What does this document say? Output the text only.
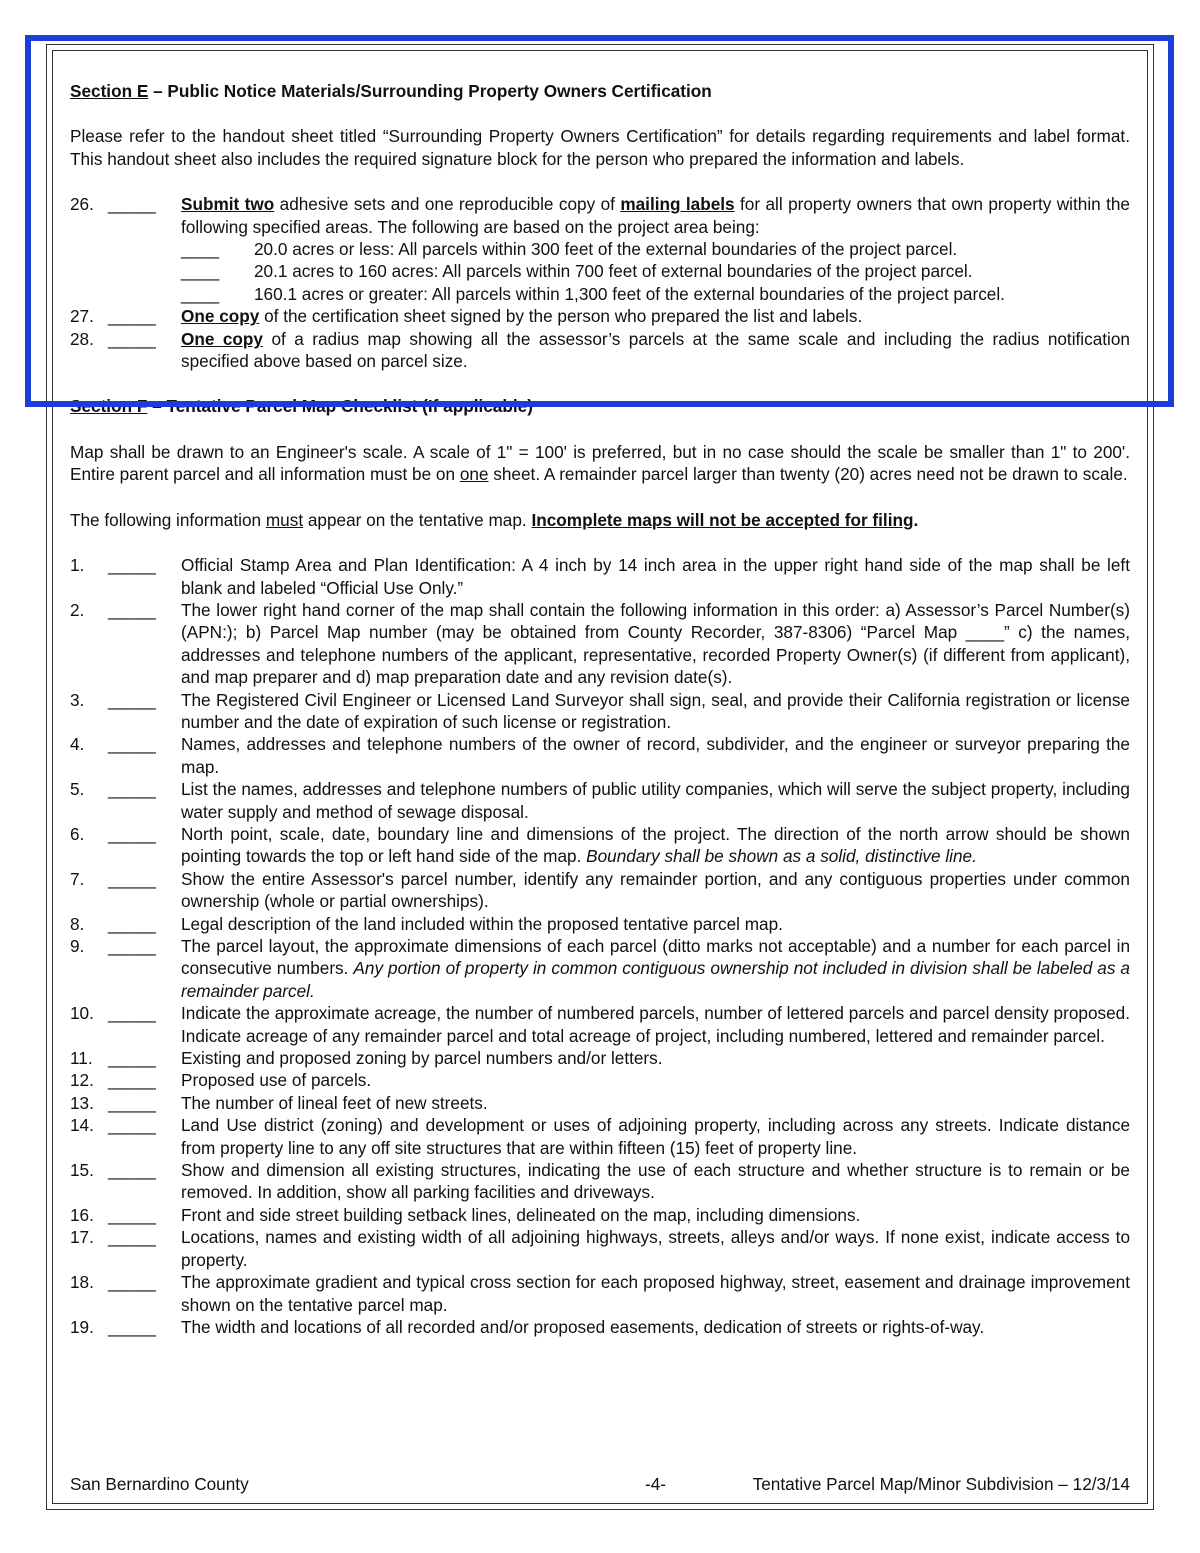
Section E – Public Notice Materials/Surrounding Property Owners Certification

Please refer to the handout sheet titled “Surrounding Property Owners Certification” for details regarding requirements and label format. This handout sheet also includes the required signature block for the person who prepared the information and labels.

26. _____ Submit two adhesive sets and one reproducible copy of mailing labels for all property owners that own property within the following specified areas. The following are based on the project area being:
____ 20.0 acres or less: All parcels within 300 feet of the external boundaries of the project parcel.
____ 20.1 acres to 160 acres: All parcels within 700 feet of external boundaries of the project parcel.
____ 160.1 acres or greater: All parcels within 1,300 feet of the external boundaries of the project parcel.
27. _____ One copy of the certification sheet signed by the person who prepared the list and labels.
28. _____ One copy of a radius map showing all the assessor’s parcels at the same scale and including the radius notification specified above based on parcel size.

Section F – Tentative Parcel Map Checklist (If applicable)

Map shall be drawn to an Engineer's scale. A scale of 1" = 100' is preferred, but in no case should the scale be smaller than 1" to 200'. Entire parent parcel and all information must be on one sheet. A remainder parcel larger than twenty (20) acres need not be drawn to scale.

The following information must appear on the tentative map. Incomplete maps will not be accepted for filing.

1.	_____ Official Stamp Area and Plan Identification: A 4 inch by 14 inch area in the upper right hand side of the map shall be left blank and labeled “Official Use Only.”
2.	_____ The lower right hand corner of the map shall contain the following information in this order: a) Assessor’s Parcel Number(s) (APN:); b) Parcel Map number (may be obtained from County Recorder, 387-8306) “Parcel Map ____” c) the names, addresses and telephone numbers of the applicant, representative, recorded Property Owner(s) (if different from applicant), and map preparer and d) map preparation date and any revision date(s).
3.	_____ The Registered Civil Engineer or Licensed Land Surveyor shall sign, seal, and provide their California registration or license number and the date of expiration of such license or registration.
4.	_____ Names, addresses and telephone numbers of the owner of record, subdivider, and the engineer or surveyor preparing the map.
5.	_____ List the names, addresses and telephone numbers of public utility companies, which will serve the subject property, including water supply and method of sewage disposal.
6.	_____ North point, scale, date, boundary line and dimensions of the project. The direction of the north arrow should be shown pointing towards the top or left hand side of the map. Boundary shall be shown as a solid, distinctive line.
7.	_____ Show the entire Assessor's parcel number, identify any remainder portion, and any contiguous properties under common ownership (whole or partial ownerships).
8.	_____ Legal description of the land included within the proposed tentative parcel map.
9.	_____ The parcel layout, the approximate dimensions of each parcel (ditto marks not acceptable) and a number for each parcel in consecutive numbers. Any portion of property in common contiguous ownership not included in division shall be labeled as a remainder parcel.
10. _____ Indicate the approximate acreage, the number of numbered parcels, number of lettered parcels and parcel density proposed. Indicate acreage of any remainder parcel and total acreage of project, including numbered, lettered and remainder parcel.
11. _____ Existing and proposed zoning by parcel numbers and/or letters.
12. _____ Proposed use of parcels.
13. _____ The number of lineal feet of new streets.
14. _____ Land Use district (zoning) and development or uses of adjoining property, including across any streets. Indicate distance from property line to any off site structures that are within fifteen (15) feet of property line.
15. _____ Show and dimension all existing structures, indicating the use of each structure and whether structure is to remain or be removed. In addition, show all parking facilities and driveways.
16. _____ Front and side street building setback lines, delineated on the map, including dimensions.
17. _____ Locations, names and existing width of all adjoining highways, streets, alleys and/or ways. If none exist, indicate access to property.
18. _____ The approximate gradient and typical cross section for each proposed highway, street, easement and drainage improvement shown on the tentative parcel map.
19. _____ The width and locations of all recorded and/or proposed easements, dedication of streets or rights-of-way.
San Bernardino County	-4-	Tentative Parcel Map/Minor Subdivision – 12/3/14
